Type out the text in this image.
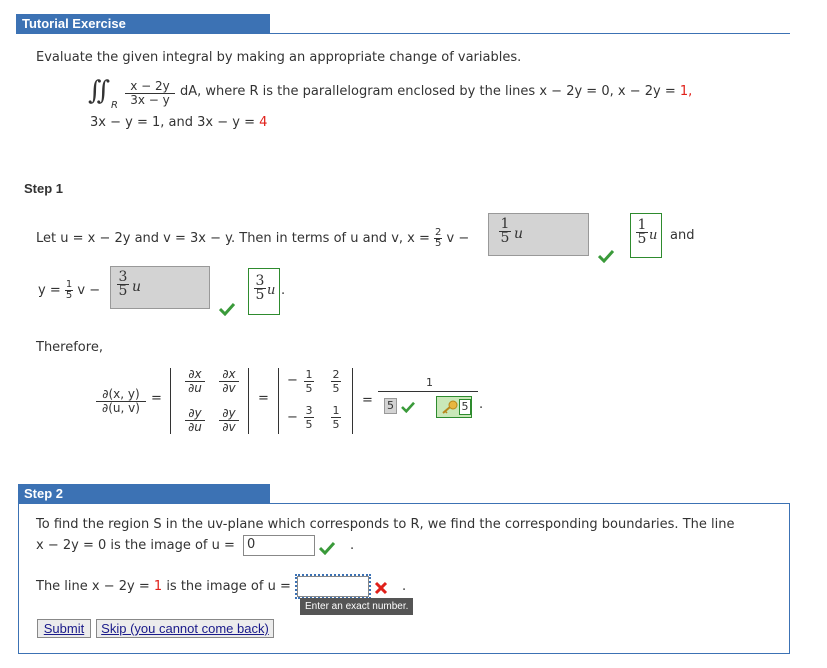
Tutorial Exercise
Evaluate the given integral by making an appropriate change of variables.
∬ R $\frac{x - 2y}{3x - y}$ dA, where R is the parallelogram enclosed by the lines x − 2y = 0, x − 2y = 1,
3x − y = 1, and 3x − y = 4
Step 1
Let u = x − 2y and v = 3x − y. Then in terms of u and v, $x = \frac{2}{5}$ $v - \frac{1}{5}$ u	$\frac{1}{5}$ u and
$y = \frac{1}{5}$ $v - \frac{3}{5}$ u	$\frac{3}{5}$ u .
Therefore,
$\frac{\partial(x, y)}{\partial(u, v)}$ =
$\frac{\partial x}{\partial u} \frac{\partial x}{\partial v}$
$\frac{\partial y}{\partial u} \frac{\partial y}{\partial v}$
=
− $\frac{1}{5} \frac{2}{5}$
− $\frac{3}{5} \frac{1}{5}$
=
1
5	5 .
Step 2
To find the region S in the uv-plane which corresponds to R, we find the corresponding boundaries. The line
x − 2y = 0 is the image of u = 0	.
The line x − 2y = 1 is the image of u =	.
Enter an exact number.
Submit	Skip (you cannot come back)
